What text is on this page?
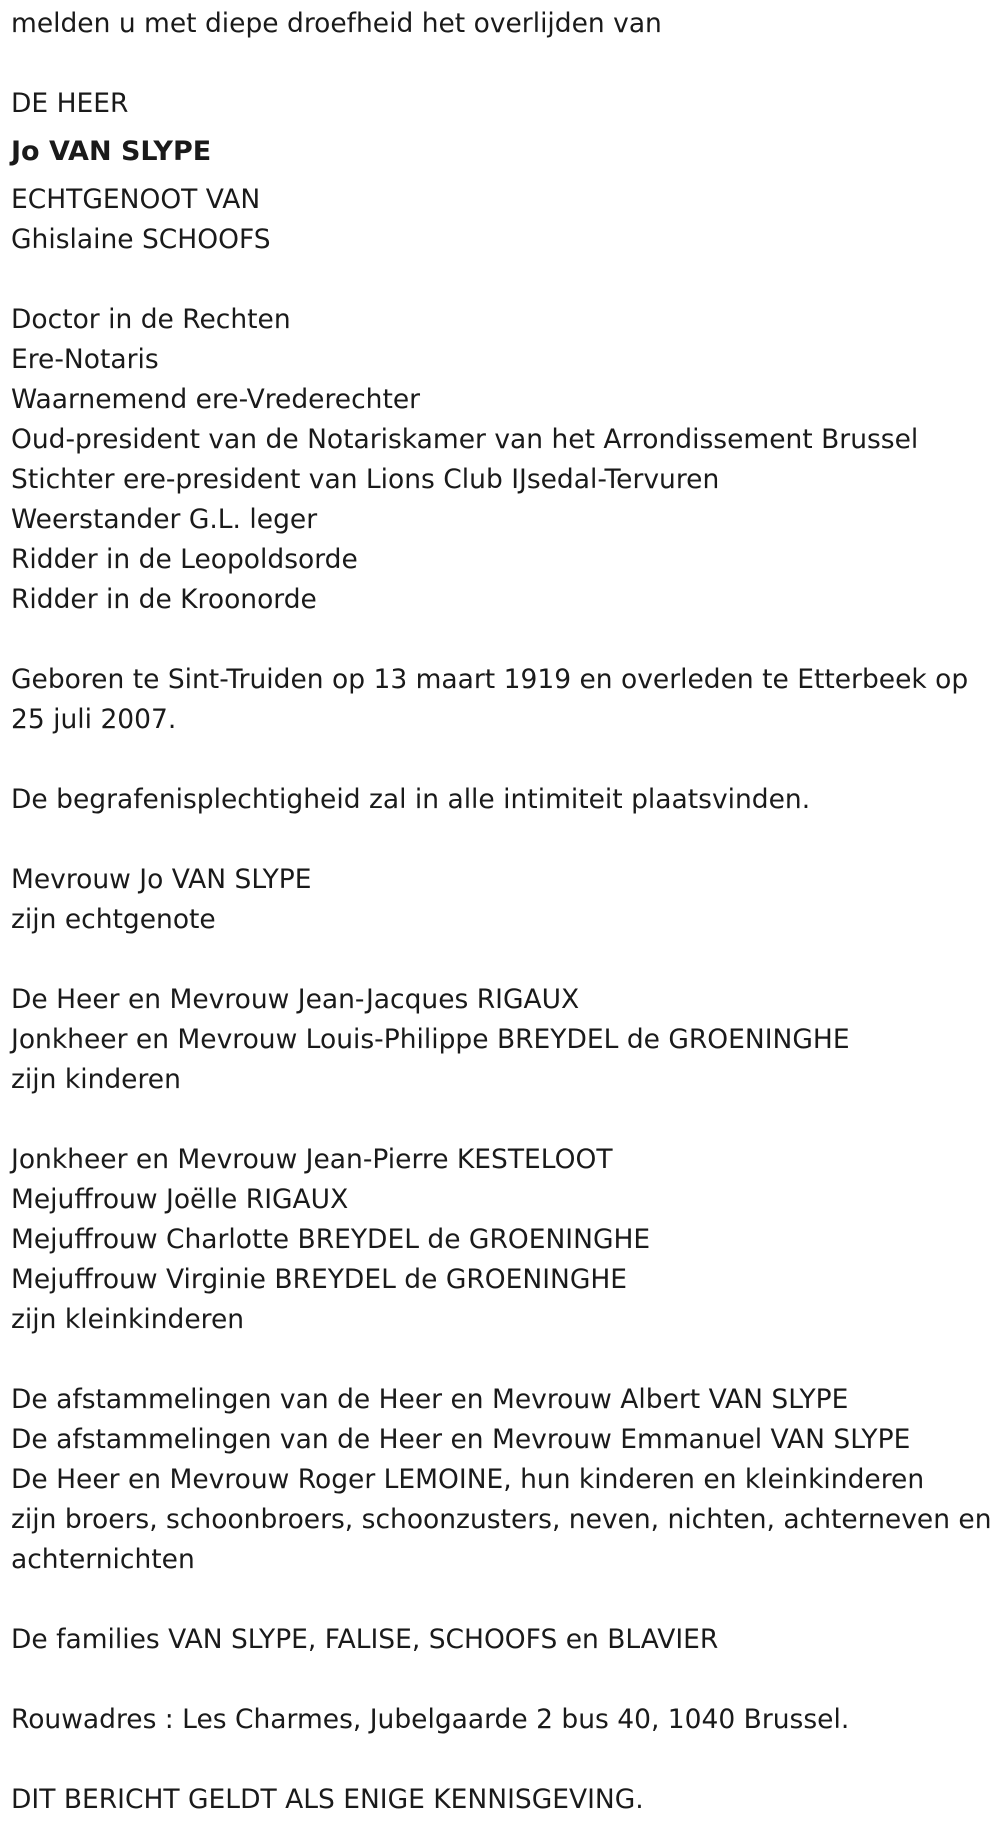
melden u met diepe droefheid het overlijden van

DE HEER

Jo VAN SLYPE

ECHTGENOOT VAN

Ghislaine SCHOOFS

Doctor in de Rechten

Ere-Notaris

Waarnemend ere-Vrederechter

Oud-president van de Notariskamer van het Arrondissement Brussel

Stichter ere-president van Lions Club IJsedal-Tervuren

Weerstander G.L. leger

Ridder in de Leopoldsorde

Ridder in de Kroonorde

Geboren te Sint-Truiden op 13 maart 1919 en overleden te Etterbeek op 25 juli 2007.

De begrafenisplechtigheid zal in alle intimiteit plaatsvinden.

Mevrouw Jo VAN SLYPE

zijn echtgenote

De Heer en Mevrouw Jean-Jacques RIGAUX

Jonkheer en Mevrouw Louis-Philippe BREYDEL de GROENINGHE

zijn kinderen

Jonkheer en Mevrouw Jean-Pierre KESTELOOT

Mejuffrouw Joëlle RIGAUX

Mejuffrouw Charlotte BREYDEL de GROENINGHE

Mejuffrouw Virginie BREYDEL de GROENINGHE

zijn kleinkinderen

De afstammelingen van de Heer en Mevrouw Albert VAN SLYPE

De afstammelingen van de Heer en Mevrouw Emmanuel VAN SLYPE

De Heer en Mevrouw Roger LEMOINE, hun kinderen en kleinkinderen

zijn broers, schoonbroers, schoonzusters, neven, nichten, achterneven en achternichten

De families VAN SLYPE, FALISE, SCHOOFS en BLAVIER

Rouwadres : Les Charmes, Jubelgaarde 2 bus 40, 1040 Brussel.

DIT BERICHT GELDT ALS ENIGE KENNISGEVING.
